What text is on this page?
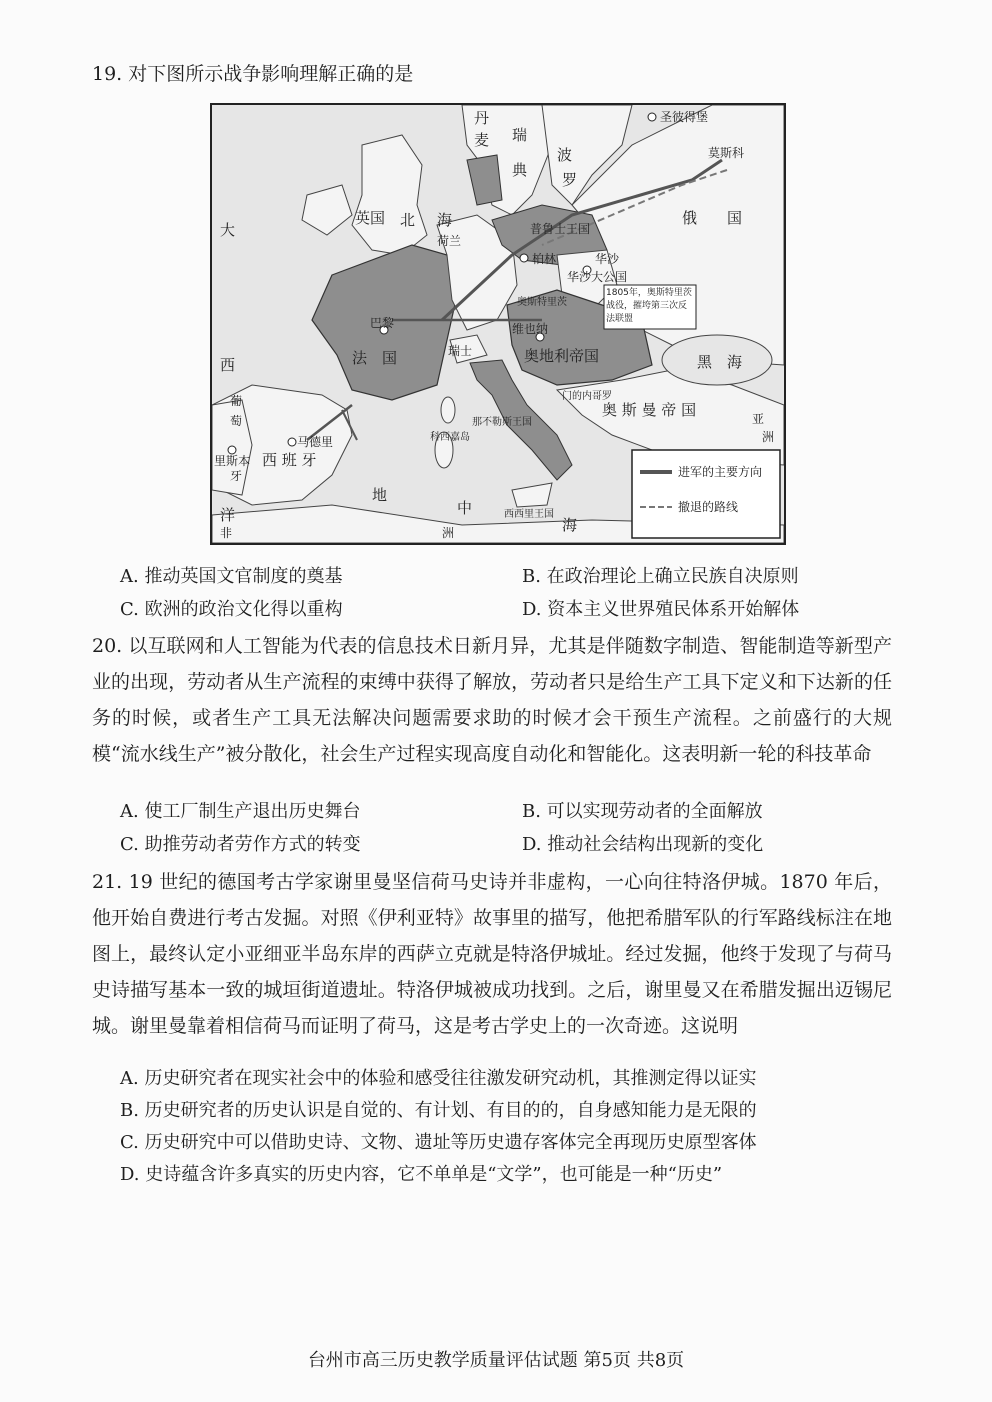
19. 对下图所示战争影响理解正确的是
圣彼得堡
莫斯科
丹
麦 瑞
典
波
罗
英国 北 海
大
西
洋
俄　　国
普鲁士王国
柏林	华沙
华沙大公国
奥斯特里茨
1805年，奥斯特里茨战役，摧垮第三次反法联盟
巴黎
法　国
维也纳
奥地利帝国
瑞士
荷兰
葡
萄
牙
里斯本
马德里
西 班 牙
科西嘉岛
西西里王国
那不勒斯王国
地
中
海
奥 斯 曼 帝 国
黑　海
门的内哥罗
非	洲
亚
洲
进军的主要方向
撤退的路线
A. 推动英国文官制度的奠基	B. 在政治理论上确立民族自决原则
C. 欧洲的政治文化得以重构	D. 资本主义世界殖民体系开始解体
20. 以互联网和人工智能为代表的信息技术日新月异，尤其是伴随数字制造、智能制造等新型产业的出现，劳动者从生产流程的束缚中获得了解放，劳动者只是给生产工具下定义和下达新的任务的时候，或者生产工具无法解决问题需要求助的时候才会干预生产流程。之前盛行的大规模“流水线生产”被分散化，社会生产过程实现高度自动化和智能化。这表明新一轮的科技革命
A. 使工厂制生产退出历史舞台	B. 可以实现劳动者的全面解放
C. 助推劳动者劳作方式的转变	D. 推动社会结构出现新的变化
21. 19 世纪的德国考古学家谢里曼坚信荷马史诗并非虚构，一心向往特洛伊城。1870 年后，他开始自费进行考古发掘。对照《伊利亚特》故事里的描写，他把希腊军队的行军路线标注在地图上，最终认定小亚细亚半岛东岸的西萨立克就是特洛伊城址。经过发掘，他终于发现了与荷马史诗描写基本一致的城垣街道遗址。特洛伊城被成功找到。之后，谢里曼又在希腊发掘出迈锡尼城。谢里曼靠着相信荷马而证明了荷马，这是考古学史上的一次奇迹。这说明
A. 历史研究者在现实社会中的体验和感受往往激发研究动机，其推测定得以证实
B. 历史研究者的历史认识是自觉的、有计划、有目的的，自身感知能力是无限的
C. 历史研究中可以借助史诗、文物、遗址等历史遗存客体完全再现历史原型客体
D. 史诗蕴含许多真实的历史内容，它不单单是“文学”，也可能是一种“历史”
台州市高三历史教学质量评估试题 第5页 共8页
